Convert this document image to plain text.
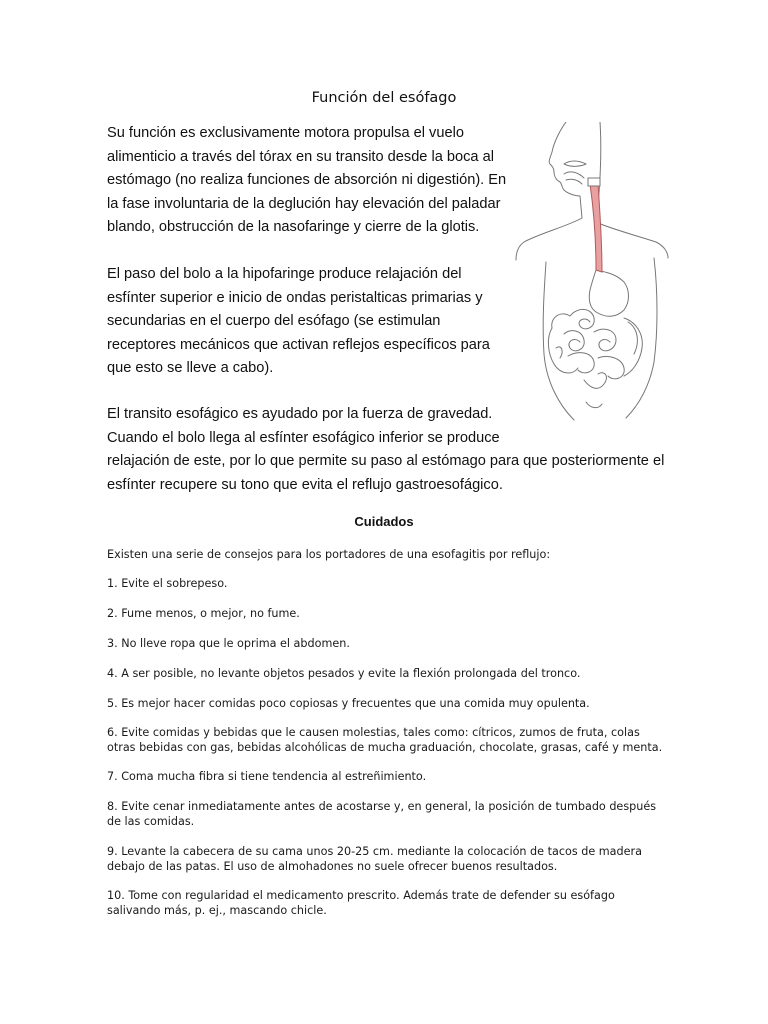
Función del esófago

Su función es exclusivamente motora propulsa el vuelo
alimenticio a través del tórax en su transito desde la boca al
estómago (no realiza funciones de absorción ni digestión). En
la fase involuntaria de la deglución hay elevación del paladar
blando, obstrucción de la nasofaringe y cierre de la glotis.

El paso del bolo a la hipofaringe produce relajación del
esfínter superior e inicio de ondas peristalticas primarias y
secundarias en el cuerpo del esófago (se estimulan
receptores mecánicos que activan reflejos específicos para
que esto se lleve a cabo).

El transito esofágico es ayudado por la fuerza de gravedad.
Cuando el bolo llega al esfínter esofágico inferior se produce
relajación de este, por lo que permite su paso al estómago para que posteriormente el
esfínter recupere su tono que evita el reflujo gastroesofágico.

Cuidados

Existen una serie de consejos para los portadores de una esofagitis por reflujo:

1. Evite el sobrepeso.

2. Fume menos, o mejor, no fume.

3. No lleve ropa que le oprima el abdomen.

4. A ser posible, no levante objetos pesados y evite la flexión prolongada del tronco.

5. Es mejor hacer comidas poco copiosas y frecuentes que una comida muy opulenta.

6. Evite comidas y bebidas que le causen molestias, tales como: cítricos, zumos de fruta, colas
otras bebidas con gas, bebidas alcohólicas de mucha graduación, chocolate, grasas, café y menta.

7. Coma mucha fibra si tiene tendencia al estreñimiento.

8. Evite cenar inmediatamente antes de acostarse y, en general, la posición de tumbado después
de las comidas.

9. Levante la cabecera de su cama unos 20-25 cm. mediante la colocación de tacos de madera
debajo de las patas. El uso de almohadones no suele ofrecer buenos resultados.

10. Tome con regularidad el medicamento prescrito. Además trate de defender su esófago
salivando más, p. ej., mascando chicle.
